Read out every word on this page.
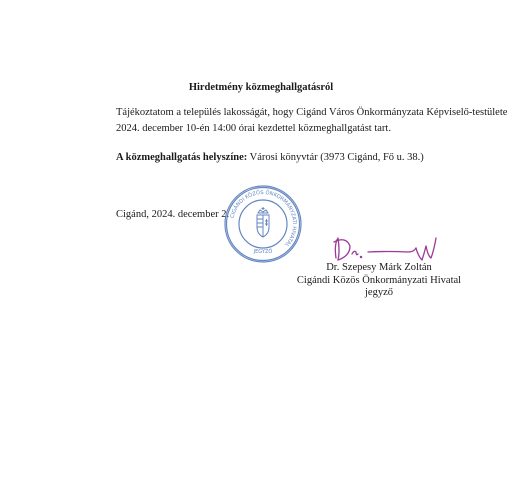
Hirdetmény közmeghallgatásról
Tájékoztatom a település lakosságát, hogy Cigánd Város Önkormányzata Képviselő-testülete
2024. december 10-én 14:00 órai kezdettel közmeghallgatást tart.
A közmeghallgatás helyszíne: Városi könyvtár (3973 Cigánd, Fő u. 38.)
Cigánd, 2024. december 2. CIGÁNDI KÖZÖS ÖNKORMÁNYZATI HIVATAL
JEGYZŐ
Dr. Szepesy Márk Zoltán
Cigándi Közös Önkormányzati Hivatal
jegyző
